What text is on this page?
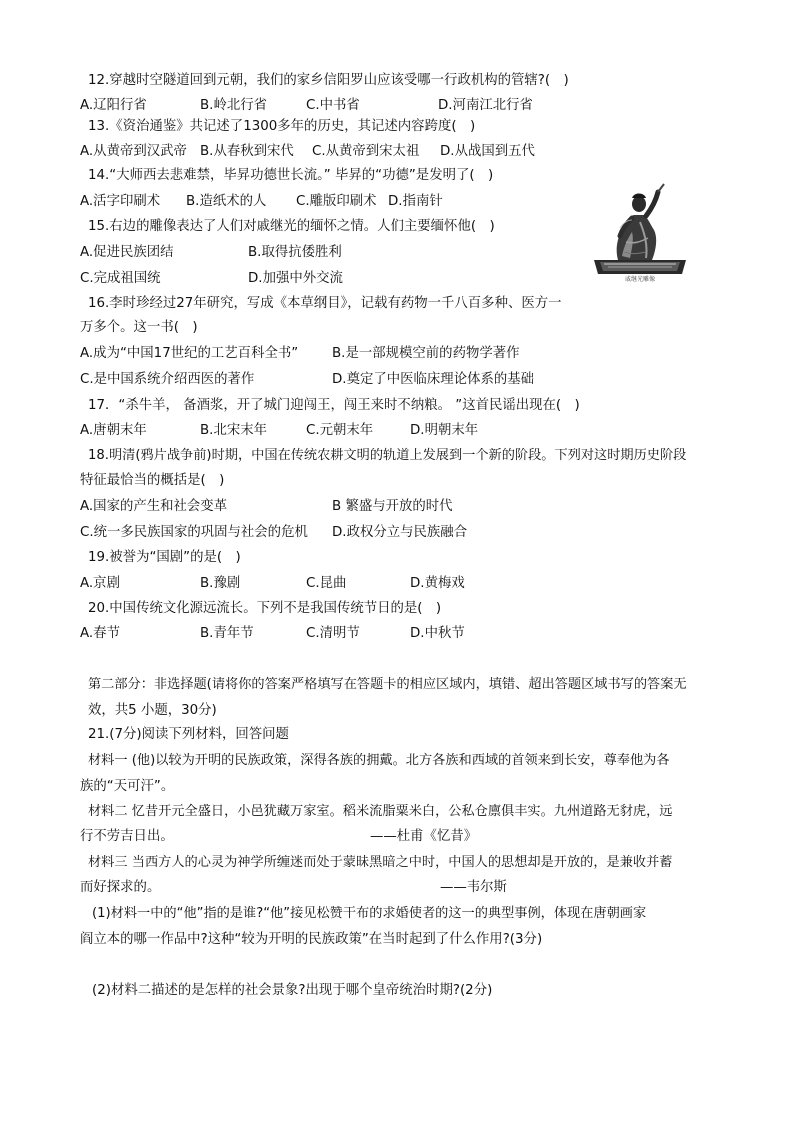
12.穿越时空隧道回到元朝，我们的家乡信阳罗山应该受哪一行政机构的管辖?(　)
A.辽阳行省	B.岭北行省	C.中书省	D.河南江北行省
13.《资治通鉴》共记述了1300多年的历史，其记述内容跨度(　)
A.从黄帝到汉武帝 B.从春秋到宋代 C.从黄帝到宋太祖 D.从战国到五代
14.“大师西去悲难禁，毕昇功德世长流。” 毕昇的“功德”是发明了(　)
A.活字印刷术 B.造纸术的人 C.雕版印刷术 D.指南针
15.右边的雕像表达了人们对戚继光的缅怀之情。人们主要缅怀他(　)
A.促进民族团结	B.取得抗倭胜利
C.完成祖国统	D.加强中外交流	戚继光雕像
16.李时珍经过27年研究，写成《本草纲目》，记载有药物一千八百多种、医方一
万多个。这一书(　)
A.成为“中国17世纪的工艺百科全书”	B.是一部规模空前的药物学著作
C.是中国系统介绍西医的著作	D.奠定了中医临床理论体系的基础
17．“杀牛羊， 备酒浆，开了城门迎闯王，闯王来时不纳粮。 ”这首民谣出现在(　)
A.唐朝末年	B.北宋末年	C.元朝末年	D.明朝末年
18.明清(鸦片战争前)时期，中国在传统农耕文明的轨道上发展到一个新的阶段。下列对这时期历史阶段
特征最恰当的概括是(　)
A.国家的产生和社会变革	B 繁盛与开放的时代
C.统一多民族国家的巩固与社会的危机 D.政权分立与民族融合
19.被誉为“国剧”的是(　)
A.京剧	B.豫剧	C.昆曲	D.黄梅戏
20.中国传统文化源远流长。下列不是我国传统节日的是(　)
A.春节	B.青年节	C.清明节	D.中秋节
第二部分：非选择题(请将你的答案严格填写在答题卡的相应区域内，填错、超出答题区域书写的答案无
效，共5 小题，30分)
21.(7分)阅读下列材料，回答问题
材料一 (他)以较为开明的民族政策，深得各族的拥戴。北方各族和西域的首领来到长安，尊奉他为各
族的“天可汗”。
材料二 忆昔开元全盛日，小邑犹藏万家室。稻米流脂粟米白，公私仓廪俱丰实。九州道路无豺虎，远
行不劳吉日出。	——杜甫《忆昔》
材料三 当西方人的心灵为神学所缠迷而处于蒙昧黑暗之中时，中国人的思想却是开放的，是兼收并蓄
而好探求的。	——韦尔斯
(1)材料一中的“他”指的是谁?“他”接见松赞干布的求婚使者的这一的典型事例，体现在唐朝画家
阎立本的哪一作品中?这种“较为开明的民族政策”在当时起到了什么作用?(3分)
(2)材料二描述的是怎样的社会景象?出现于哪个皇帝统治时期?(2分)
